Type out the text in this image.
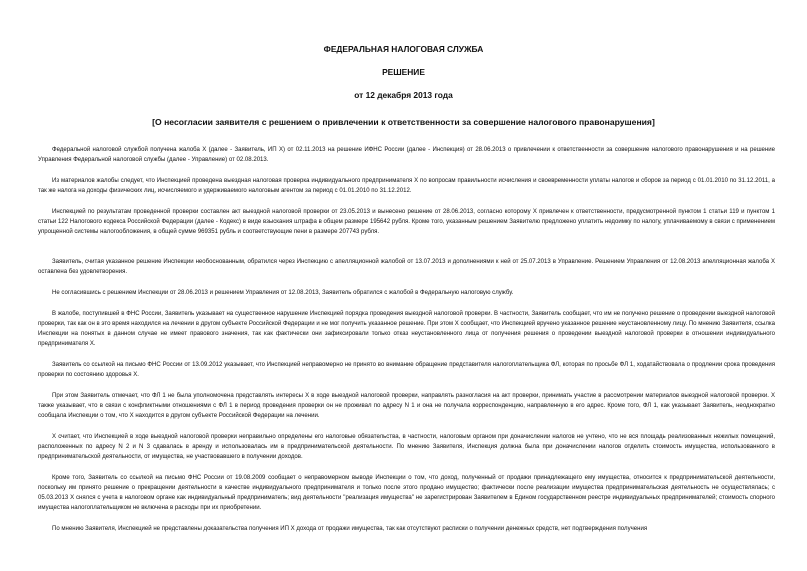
ФЕДЕРАЛЬНАЯ НАЛОГОВАЯ СЛУЖБА
РЕШЕНИЕ
от 12 декабря 2013 года
[О несогласии заявителя с решением о привлечении к ответственности за совершение налогового правонарушения]
Федеральной налоговой службой получена жалоба X (далее - Заявитель, ИП X) от 02.11.2013 на решение ИФНС России (далее - Инспекция) от 28.06.2013 о привлечении к ответственности за совершение налогового правонарушения и на решение Управления Федеральной налоговой службы (далее - Управление) от 02.08.2013.
Из материалов жалобы следует, что Инспекцией проведена выездная налоговая проверка индивидуального предпринимателя X по вопросам правильности исчисления и своевременности уплаты налогов и сборов за период с 01.01.2010 по 31.12.2011, а так же налога на доходы физических лиц, исчисляемого и удерживаемого налоговым агентом за период с 01.01.2010 по 31.12.2012.
Инспекцией по результатам проведенной проверки составлен акт выездной налоговой проверки от 23.05.2013 и вынесено решение от 28.06.2013, согласно которому X привлечен к ответственности, предусмотренной пунктом 1 статьи 119 и пунктом 1 статьи 122 Налогового кодекса Российской Федерации (далее - Кодекс) в виде взыскания штрафа в общем размере 195642 рубля. Кроме того, указанным решением Заявителю предложено уплатить недоимку по налогу, уплачиваемому в связи с применением упрощенной системы налогообложения, в общей сумме 969351 рубль и соответствующие пени в размере 207743 рубля.
Заявитель, считая указанное решение Инспекции необоснованным, обратился через Инспекцию с апелляционной жалобой от 13.07.2013 и дополнениями к ней от 25.07.2013 в Управление. Решением Управления от 12.08.2013 апелляционная жалоба X оставлена без удовлетворения.
Не согласившись с решением Инспекции от 28.06.2013 и решением Управления от 12.08.2013, Заявитель обратился с жалобой в Федеральную налоговую службу.
В жалобе, поступившей в ФНС России, Заявитель указывает на существенное нарушение Инспекцией порядка проведения выездной налоговой проверки. В частности, Заявитель сообщает, что им не получено решение о проведении выездной налоговой проверки, так как он в это время находился на лечении в другом субъекте Российской Федерации и не мог получить указанное решение. При этом X сообщает, что Инспекцией вручено указанное решение неустановленному лицу. По мнению Заявителя, ссылка Инспекции на понятых в данном случае не имеет правового значения, так как фактически они зафиксировали только отказ неустановленного лица от получения решения о проведении выездной налоговой проверки в отношении индивидуального предпринимателя X.
Заявитель со ссылкой на письмо ФНС России от 13.09.2012 указывает, что Инспекцией неправомерно не принято во внимание обращение представителя налогоплательщика ФЛ, которая по просьбе ФЛ 1, ходатайствовала о продлении срока проведения проверки по состоянию здоровья X.
При этом Заявитель отмечает, что ФЛ 1 не была уполномочена представлять интересы X в ходе выездной налоговой проверки, направлять разногласия на акт проверки, принимать участие в рассмотрении материалов выездной налоговой проверки. X также указывает, что в связи с конфликтными отношениями с ФЛ 1 в период проведения проверки он не проживал по адресу N 1 и она не получала корреспонденцию, направленную в его адрес. Кроме того, ФЛ 1, как указывает Заявитель, неоднократно сообщала Инспекции о том, что X находится в другом субъекте Российской Федерации на лечении.
X считает, что Инспекцией в ходе выездной налоговой проверки неправильно определены его налоговые обязательства, в частности, налоговым органом при доначислении налогов не учтено, что не вся площадь реализованных нежилых помещений, расположенных по адресу N 2 и N 3 сдавалась в аренду и использовалась им в предпринимательской деятельности. По мнению Заявителя, Инспекция должна была при доначислении налогов отделить стоимость имущества, использованного в предпринимательской деятельности, от имущества, не участвовавшего в получении доходов.
Кроме того, Заявитель со ссылкой на письмо ФНС России от 19.08.2009 сообщает о неправомерном выводе Инспекции о том, что доход, полученный от продажи принадлежащего ему имущества, относится к предпринимательской деятельности, поскольку им принято решение о прекращении деятельности в качестве индивидуального предпринимателя и только после этого продано имущество; фактически после реализации имущества предпринимательская деятельность не осуществлялась; с 05.03.2013 X снялся с учета в налоговом органе как индивидуальный предприниматель; вид деятельности "реализация имущества" не зарегистрирован Заявителем в Едином государственном реестре индивидуальных предпринимателей; стоимость спорного имущества налогоплательщиком не включена в расходы при их приобретении.
По мнению Заявителя, Инспекцией не представлены доказательства получения ИП X дохода от продажи имущества, так как отсутствуют расписки о получении денежных средств, нет подтверждения получения
